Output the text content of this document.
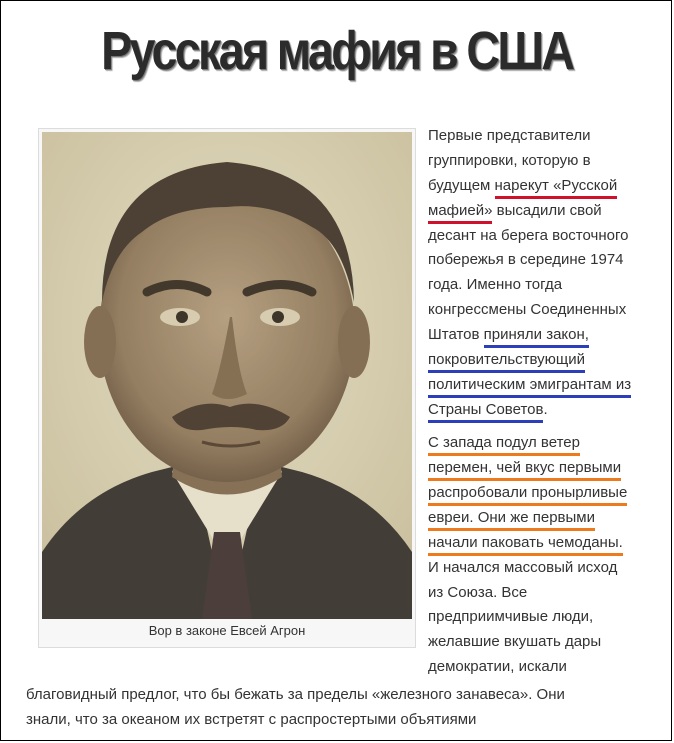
Русская мафия в США
Вор в законе Евсей Агрон

Первые представители
группировки, которую в
будущем нарекут «Русской
мафией» высадили свой
десант на берега восточного
побережья в середине 1974
года. Именно тогда
конгрессмены Соединенных
Штатов приняли закон,
покровительствующий
политическим эмигрантам из
Страны Советов.

С запада подул ветер
перемен, чей вкус первыми
распробовали пронырливые
евреи. Они же первыми
начали паковать чемоданы.
И начался массовый исход
из Союза. Все
предприимчивые люди,
желавшие вкушать дары
демократии, искали

благовидный предлог, что бы бежать за пределы «железного занавеса». Они
знали, что за океаном их встретят с распростертыми объятиями
